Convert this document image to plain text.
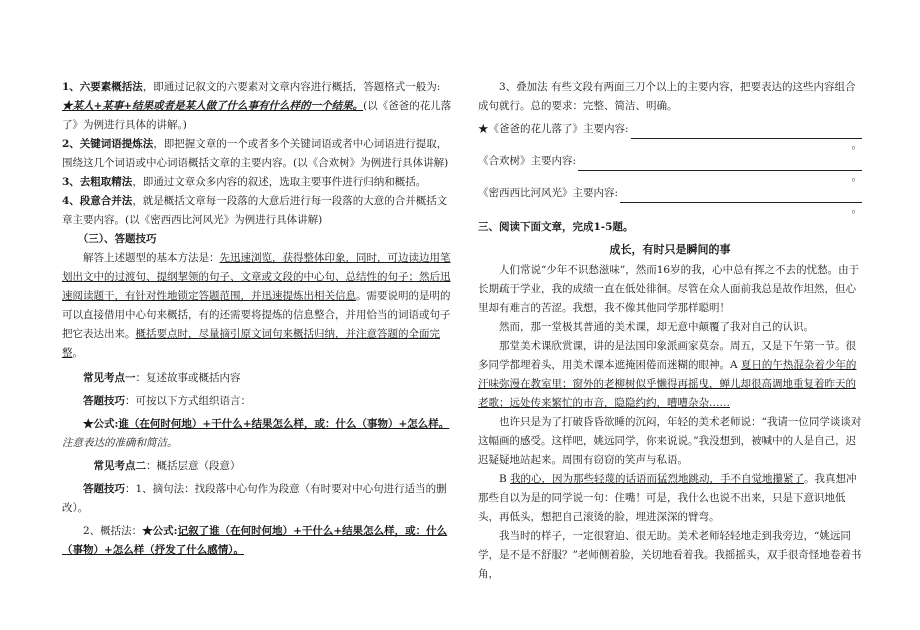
1、六要素概括法，即通过记叙文的六要素对文章内容进行概括，答题格式一般为:

★某人+某事+结果或者是某人做了什么事有什么样的一个结果。(以《爸爸的花儿落了》为例进行具体的讲解。)

2、关键词语提炼法，即把握文章的一个或者多个关键词语或者中心词语进行提取，围绕这几个词语或中心词语概括文章的主要内容。(以《合欢树》为例进行具体讲解)

3、去粗取精法，即通过文章众多内容的叙述，选取主要事件进行归纳和概括。

4、段意合并法，就是概括文章每一段落的大意后进行每一段落的大意的合并概括文章主要内容。(以《密西西比河风光》为例进行具体讲解)

（三）、答题技巧

解答上述题型的基本方法是：先迅速浏览，获得整体印象，同时，可边读边用笔划出文中的过渡句、提纲挈领的句子、文章或文段的中心句、总结性的句子；然后迅速阅读题干，有针对性地锁定答题范围，并迅速提炼出相关信息。需要说明的是明的可以直接借用中心句来概括，有的还需要将提炼的信息整合，并用恰当的词语或句子把它表达出来。概括要点时，尽量摘引原文词句来概括归纳，并注意答题的全面完整。

常见考点一：复述故事或概括内容

答题技巧：可按以下方式组织语言：

★公式:谁（在何时何地）+干什么+结果怎么样，或：什么（事物）+怎么样。

注意表达的准确和简洁。

常见考点二：概括层意（段意）

答题技巧：1、摘句法：找段落中心句作为段意（有时要对中心句进行适当的删改）。

2、概括法：★公式:记叙了谁（在何时何地）+干什么+结果怎么样，或：什么（事物）+怎么样（抒发了什么感情）。

3、叠加法 有些文段有两面三刀个以上的主要内容，把要表达的这些内容组合成句就行。总的要求：完整、简洁、明确。

★《爸爸的花儿落了》主要内容:
。
《合欢树》主要内容:
。
《密西西比河风光》主要内容:
。

三、阅读下面文章，完成1-5题。

成长，有时只是瞬间的事

人们常说“少年不识愁滋味”，然而16岁的我，心中总有挥之不去的忧愁。由于长期疏于学业，我的成绩一直在低处徘徊。尽管在众人面前我总是故作坦然，但心里却有难言的苦涩。我想，我不像其他同学那样聪明！

然而，那一堂极其普通的美术课，却无意中颠覆了我对自己的认识。

那堂美术课欣赏课，讲的是法国印象派画家莫奈。周五，又是下午第一节。很多同学都埋着头，用美术课本遮掩困倦而迷糊的眼神。A 夏日的午热混杂着少年的汗味弥漫在教室里；窗外的老柳树似乎懒得再摇曳，蝉儿却很高调地重复着昨天的老歌；远处传来繁忙的市音，隐隐约约，嘈嘈杂杂……

也许只是为了打破昏昏欲睡的沉闷，年轻的美术老师说：“我请一位同学谈谈对这幅画的感受。这样吧，姚远同学，你来说说。”我没想到，被喊中的人是自己，迟迟疑疑地站起来。周围有窃窃的笑声与私语。

B 我的心，因为那些轻蔑的话语而猛烈地跳动，手不自觉地攥紧了。我真想冲那些自以为是的同学说一句：住嘴！可是，我什么也说不出来，只是下意识地低头，再低头，想把自己滚烫的脸，埋进深深的臂弯。

我当时的样子，一定很窘迫、很无助。美术老师轻轻地走到我旁边，“姚远同学，是不是不舒服？”老师侧着脸，关切地看着我。我摇摇头，双手很奇怪地卷着书角，
